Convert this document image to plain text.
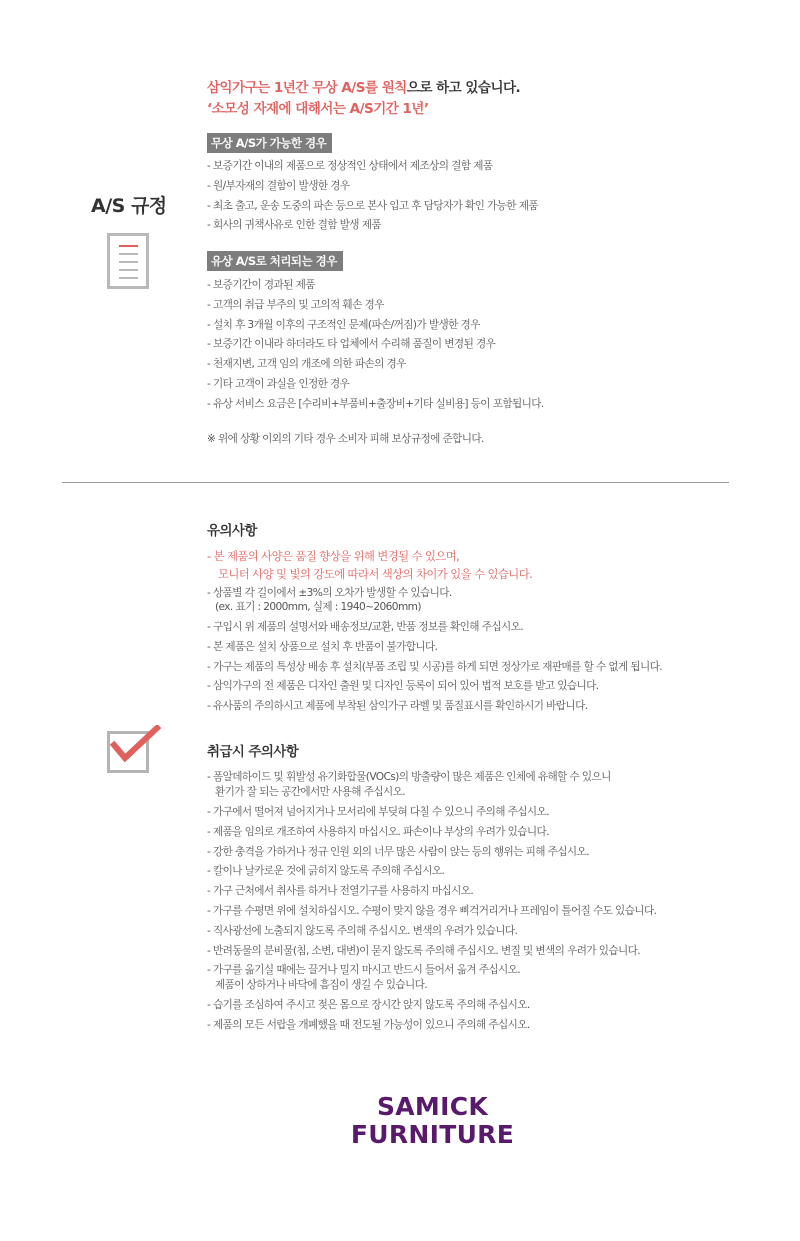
삼익가구는 1년간 무상 A/S를 원칙으로 하고 있습니다.
‘소모성 자재에 대해서는 A/S기간 1년’
A/S 규정
무상 A/S가 가능한 경우
- 보증기간 이내의 제품으로 정상적인 상태에서 제조상의 결함 제품
- 원/부자재의 결함이 발생한 경우
- 최초 출고, 운송 도중의 파손 등으로 본사 입고 후 담당자가 확인 가능한 제품
- 회사의 귀책사유로 인한 결함 발생 제품
유상 A/S로 처리되는 경우
- 보증기간이 경과된 제품
- 고객의 취급 부주의 및 고의적 훼손 경우
- 설치 후 3개월 이후의 구조적인 문제(파손/꺼짐)가 발생한 경우
- 보증기간 이내라 하더라도 타 업체에서 수리해 품질이 변경된 경우
- 천재지변, 고객 임의 개조에 의한 파손의 경우
- 기타 고객이 과실을 인정한 경우
- 유상 서비스 요금은 [수리비+부품비+출장비+기타 실비용] 등이 포함됩니다.
※ 위에 상황 이외의 기타 경우 소비자 피해 보상규정에 준합니다.
유의사항
- 본 제품의 사양은 품질 향상을 위해 변경될 수 있으며,
모니터 사양 및 빛의 강도에 따라서 색상의 차이가 있을 수 있습니다.
- 상품별 각 길이에서 ±3%의 오차가 발생할 수 있습니다.
(ex. 표기 : 2000mm, 실제 : 1940~2060mm)
- 구입시 위 제품의 설명서와 배송정보/교환, 반품 정보를 확인해 주십시오.
- 본 제품은 설치 상품으로 설치 후 반품이 불가합니다.
- 가구는 제품의 특성상 배송 후 설치(부품 조립 및 시공)를 하게 되면 정상가로 재판매를 할 수 없게 됩니다.
- 삼익가구의 전 제품은 디자인 출원 및 디자인 등록이 되어 있어 법적 보호를 받고 있습니다.
- 유사품의 주의하시고 제품에 부착된 삼익가구 라벨 및 품질표시를 확인하시기 바랍니다.
취급시 주의사항
- 폼알데하이드 및 휘발성 유기화합물(VOCs)의 방출량이 많은 제품은 인체에 유해할 수 있으니
환기가 잘 되는 공간에서만 사용해 주십시오.
- 가구에서 떨어져 넘어지거나 모서리에 부딪혀 다칠 수 있으니 주의해 주십시오.
- 제품을 임의로 개조하여 사용하지 마십시오. 파손이나 부상의 우려가 있습니다.
- 강한 충격을 가하거나 정규 인원 외의 너무 많은 사람이 앉는 등의 행위는 피해 주십시오.
- 칼이나 날카로운 것에 긁히지 않도록 주의해 주십시오.
- 가구 근처에서 취사를 하거나 전열기구를 사용하지 마십시오.
- 가구를 수평면 위에 설치하십시오. 수평이 맞지 않을 경우 삐걱거리거나 프레임이 틀어질 수도 있습니다.
- 직사광선에 노출되지 않도록 주의해 주십시오. 변색의 우려가 있습니다.
- 반려동물의 분비물(침, 소변, 대변)이 묻지 않도록 주의해 주십시오. 변질 및 변색의 우려가 있습니다.
- 가구를 옮기실 때에는 끌거나 밀지 마시고 반드시 들어서 옮겨 주십시오.
제품이 상하거나 바닥에 흠집이 생길 수 있습니다.
- 습기를 조심하여 주시고 젖은 몸으로 장시간 앉지 않도록 주의해 주십시오.
- 제품의 모든 서랍을 개폐했을 때 전도될 가능성이 있으니 주의해 주십시오.
SAMICK
FURNITURE
